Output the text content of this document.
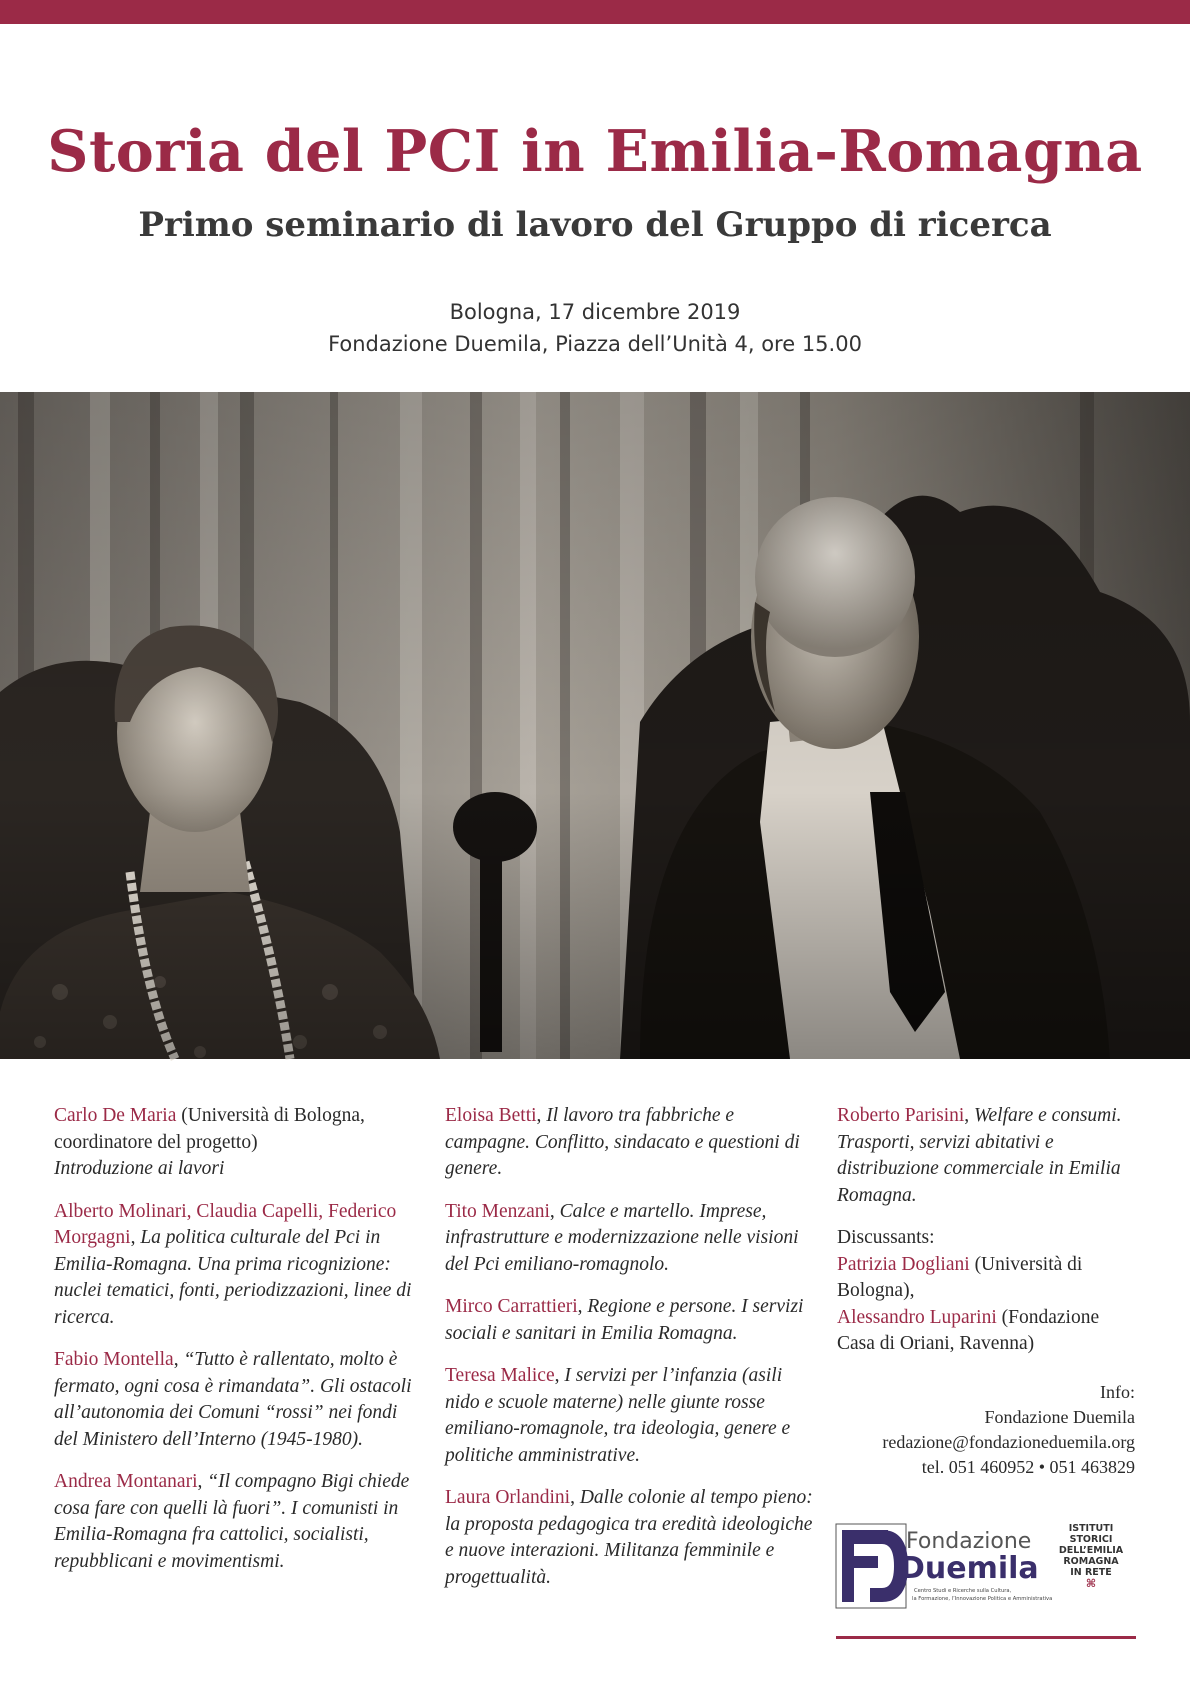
Storia del PCI in Emilia-Romagna
Primo seminario di lavoro del Gruppo di ricerca
Bologna, 17 dicembre 2019
Fondazione Duemila, Piazza dell’Unità 4, ore 15.00

Carlo De Maria (Università di Bologna, coordinatore del progetto)
Introduzione ai lavori

Alberto Molinari, Claudia Capelli, Federico Morgagni, La politica culturale del Pci in Emilia-Romagna. Una prima ricognizione: nuclei tematici, fonti, periodizzazioni, linee di ricerca.

Fabio Montella, “Tutto è rallentato, molto è fermato, ogni cosa è rimandata”. Gli ostacoli all’autonomia dei Comuni “rossi” nei fondi del Ministero dell’Interno (1945-1980).

Andrea Montanari, “Il compagno Bigi chiede cosa fare con quelli là fuori”. I comunisti in Emilia-Romagna fra cattolici, socialisti, repubblicani e movimentismi.

Eloisa Betti, Il lavoro tra fabbriche e campagne. Conflitto, sindacato e questioni di genere.

Tito Menzani, Calce e martello. Imprese, infrastrutture e modernizzazione nelle visioni del Pci emiliano-romagnolo.

Mirco Carrattieri, Regione e persone. I servizi sociali e sanitari in Emilia Romagna.

Teresa Malice, I servizi per l’infanzia (asili nido e scuole materne) nelle giunte rosse emiliano-romagnole, tra ideologia, genere e politiche amministrative.

Laura Orlandini, Dalle colonie al tempo pieno: la proposta pedagogica tra eredità ideologiche e nuove interazioni. Militanza femminile e progettualità.

Roberto Parisini, Welfare e consumi. Trasporti, servizi abitativi e distribuzione commerciale in Emilia Romagna.

Discussants:
Patrizia Dogliani (Università di Bologna),
Alessandro Luparini (Fondazione Casa di Oriani, Ravenna)

Info:
Fondazione Duemila
redazione@fondazioneduemila.org
tel. 051 460952 • 051 463829
Fondazione
Duemila
Centro Studi e Ricerche sulla Cultura,
la Formazione, l’Innovazione Politica e Amministrativa
ISTITUTI STORICI
DELL’EMILIA
ROMAGNA
IN RETE
⌘
